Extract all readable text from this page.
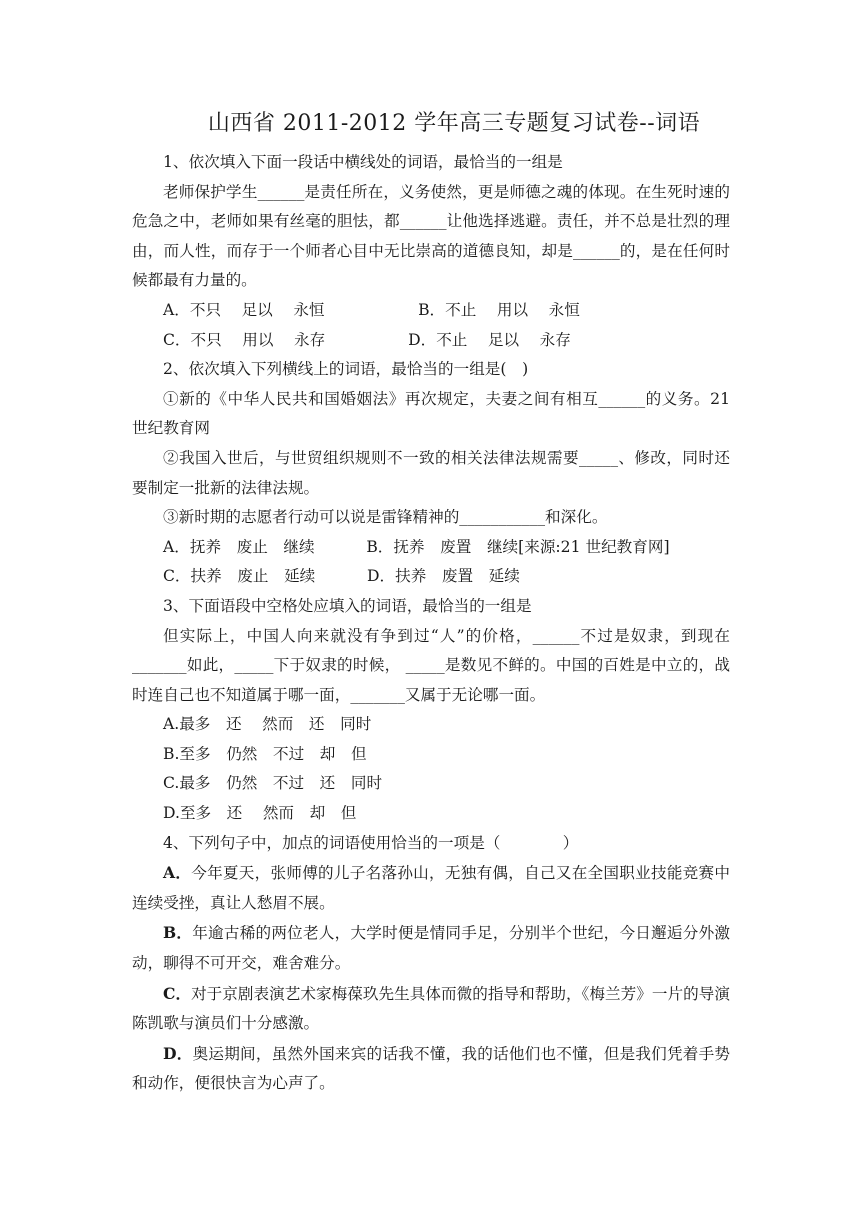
山西省 2011-2012 学年高三专题复习试卷--词语

1、依次填入下面一段话中横线处的词语，最恰当的一组是

老师保护学生______是责任所在，义务使然，更是师德之魂的体现。在生死时速的危急之中，老师如果有丝毫的胆怯，都______让他选择逃避。责任，并不总是壮烈的理由，而人性，而存于一个师者心目中无比崇高的道德良知，却是______的，是在任何时候都最有力量的。

A．不只　 足以　 永恒　　　　　　B．不止　 用以　 永恒

C．不只　 用以　 永存　　　　　 D．不止　 足以　 永存

2、依次填入下列横线上的词语，最恰当的一组是(　)

①新的《中华人民共和国婚姻法》再次规定，夫妻之间有相互______的义务。21 世纪教育网

②我国入世后，与世贸组织规则不一致的相关法律法规需要_____、修改，同时还要制定一批新的法律法规。

③新时期的志愿者行动可以说是雷锋精神的___________和深化。

A．抚养　废止　继续　　　 B．抚养　废置　继续[来源:21 世纪教育网]

C．扶养　废止　延续　　　 D．扶养　废置　延续

3、下面语段中空格处应填入的词语，最恰当的一组是

但实际上，中国人向来就没有争到过“人”的价格，______不过是奴隶，到现在_______如此，_____下于奴隶的时候， _____是数见不鲜的。中国的百姓是中立的，战时连自己也不知道属于哪一面，_______又属于无论哪一面。

A.最多　还　 然而　还　同时

B.至多　仍然　不过　却　但

C.最多　仍然　不过　还　同时

D.至多　还　 然而　却　但

4、下列句子中，加点的词语使用恰当的一项是（　　　　）

A．今年夏天，张师傅的儿子名落孙山，无独有偶，自己又在全国职业技能竞赛中连续受挫，真让人愁眉不展。

B．年逾古稀的两位老人，大学时便是情同手足，分别半个世纪，今日邂逅分外激动，聊得不可开交，难舍难分。

C．对于京剧表演艺术家梅葆玖先生具体而微的指导和帮助，《梅兰芳》一片的导演陈凯歌与演员们十分感激。

D．奥运期间，虽然外国来宾的话我不懂，我的话他们也不懂，但是我们凭着手势和动作，便很快言为心声了。
